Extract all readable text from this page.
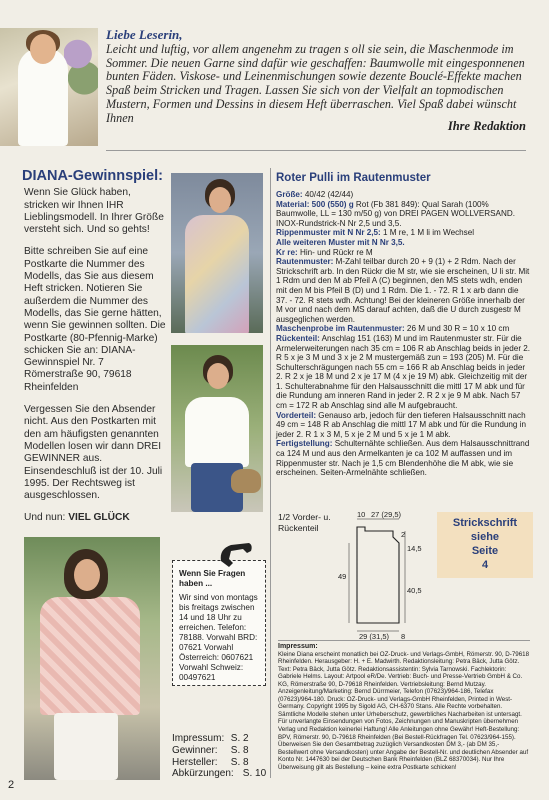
Liebe Leserin,
Leicht und luftig, vor allem angenehm zu tragen s oll sie sein, die Maschenmode im Sommer. Die neuen Garne sind dafür wie geschaffen: Baumwolle mit eingesponnenen bunten Fäden. Viskose- und Leinenmischungen sowie dezente Bouclé-Effekte machen Spaß beim Stricken und Tragen. Lassen Sie sich von der Vielfalt an topmodischen Mustern, Formen und Dessins in diesem Heft überraschen. Viel Spaß dabei wünscht Ihnen
Ihre Redaktion
DIANA-Gewinnspiel:

Wenn Sie Glück haben, stricken wir Ihnen IHR Lieblingsmodell. In Ihrer Größe versteht sich. Und so gehts!

Bitte schreiben Sie auf eine Postkarte die Nummer des Modells, das Sie aus diesem Heft stricken. Notieren Sie außerdem die Nummer des Modells, das Sie gerne hätten, wenn Sie gewinnen sollten. Die Postkarte (80-Pfennig-Marke) schicken Sie an: DIANA-Gewinnspiel Nr. 7 Römerstraße 90, 79618 Rheinfelden

Vergessen Sie den Absender nicht. Aus den Postkarten mit den am häufigsten genannten Modellen losen wir dann DREI GEWINNER aus. Einsendeschluß ist der 10. Juli 1995. Der Rechtsweg ist ausgeschlossen.

Und nun: VIEL GLÜCK

Roter Pulli im Rautenmuster

Größe: 40/42 (42/44)

Material: 500 (550) g Rot (Fb 381 849): Qual Sarah (100% Baumwolle, LL = 130 m/50 g) von DREI PAGEN WOLLVERSAND. INOX-Rundstrick-N Nr 2,5 und 3,5.

Rippenmuster mit N Nr 2,5: 1 M re, 1 M li im Wechsel

Alle weiteren Muster mit N Nr 3,5.

Kr re: Hin- und Rückr re M

Rautenmuster: M-Zahl teilbar durch 20 + 9 (1) + 2 Rdm. Nach der Strickschrift arb. In den Rückr die M str, wie sie erscheinen, U li str. Mit 1 Rdm und den M ab Pfeil A (C) beginnen, den MS stets wdh, enden mit den M bis Pfeil B (D) und 1 Rdm. Die 1. - 72. R 1 x arb dann die 37. - 72. R stets wdh. Achtung! Bei der kleineren Größe innerhalb der M vor und nach dem MS darauf achten, daß die U durch zusgestr M ausgeglichen werden.

Maschenprobe im Rautenmuster: 26 M und 30 R = 10 x 10 cm

Rückenteil: Anschlag 151 (163) M und im Rautenmuster str. Für die Armelerweiterungen nach 35 cm = 106 R ab Anschlag beids in jeder 2. R 5 x je 3 M und 3 x je 2 M mustergemäß zun = 193 (205) M. Für die Schulterschrägungen nach 55 cm = 166 R ab Anschlag beids in jeder 2. R 2 x je 18 M und 2 x je 17 M (4 x je 19 M) abk. Gleichzeitig mit der 1. Schulterabnahme für den Halsausschnitt die mittl 17 M abk und für die Rundung am inneren Rand in jeder 2. R 2 x je 9 M abk. Nach 57 cm = 172 R ab Anschlag sind alle M aufgebraucht.

Vorderteil: Genauso arb, jedoch für den tieferen Halsausschnitt nach 49 cm = 148 R ab Anschlag die mittl 17 M abk und für die Rundung in jeder 2. R 1 x 3 M, 5 x je 2 M und 5 x je 1 M abk.

Fertigstellung: Schulternähte schließen. Aus dem Halsausschnittrand ca 124 M und aus den Armelkanten je ca 102 M auffassen und im Rippenmuster str. Nach je 1,5 cm Blendenhöhe die M abk, wie sie erscheinen. Seiten-Armelnähte schließen.

1/2 Vorder- u.
Rückenteil
10 27 (29,5)
2
14,5
49
40,5
29 (31,5) 8
Strickschrift
siehe
Seite
4
Impressum:
Kleine Diana erscheint monatlich bei OZ-Druck- und Verlags-GmbH, Römerstr. 90, D-79618 Rheinfelden. Herausgeber: H. + E. Madwirth. Redaktionsleitung: Petra Bäck, Jutta Götz. Text: Petra Bäck, Jutta Götz. Redaktionsassistentin: Sylvia Tarnowski. Fachlektorin: Gabriele Helms. Layout: Artpool eR/De. Vertrieb: Buch- und Presse-Vertrieb GmbH & Co. KG, Römerstraße 90, D-79618 Rheinfelden. Vertriebsleitung: Bernd Mutzay. Anzeigenleitung/Marketing: Bernd Dürrmeier, Telefon (07623)/964-186, Telefax (07623)/964-180. Druck: OZ-Druck- und Verlags-GmbH Rheinfelden, Printed in West-Germany. Copyright 1995 by Sigold AG, CH-6370 Stans. Alle Rechte vorbehalten. Sämtliche Modelle stehen unter Urheberschutz, gewerbliches Nacharbeiten ist untersagt. Für unverlangte Einsendungen von Fotos, Zeichnungen und Manuskripten übernehmen Verlag und Redaktion keinerlei Haftung! Alle Anleitungen ohne Gewähr! Heft-Bestellung: BPV, Römerstr. 90, D-79618 Rheinfelden (Bei Bestell-Rückfragen Tel. 07623/964-155). Überweisen Sie den Gesamtbetrag zuzüglich Versandkosten DM 3,- (ab DM 35,- Bestellwert ohne Versandkosten) unter Angabe der Bestell-Nr. und deutlichen Absender auf Konto Nr. 1447630 bei der Deutschen Bank Rheinfelden (BLZ 68370034). Nur Ihre Überweisung gilt als Bestellung – keine extra Postkarte schicken!
Wenn Sie Fragen haben ...
Wir sind von montags bis freitags zwischen 14 und 18 Uhr zu erreichen. Telefon: 78188. Vorwahl BRD: 07621 Vorwahl Österreich: 0607621 Vorwahl Schweiz: 00497621
Impressum: S. 2
Gewinner: S. 8
Hersteller: S. 8
Abkürzungen: S. 10
2
